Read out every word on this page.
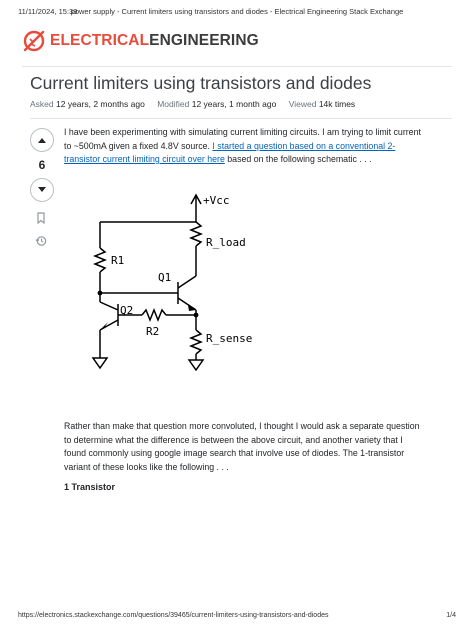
11/11/2024, 15:39
power supply - Current limiters using transistors and diodes - Electrical Engineering Stack Exchange
ELECTRICALENGINEERING
Current limiters using transistors and diodes
Asked 12 years, 2 months ago Modified 12 years, 1 month ago Viewed 14k times
6

I have been experimenting with simulating current limiting circuits. I am trying to limit current to ~500mA given a fixed 4.8V source. I started a question based on a conventional 2-transistor current limiting circuit over here based on the following schematic . . .

+Vcc
R1
R_load
Q1
Q2
R2
R_sense

Rather than make that question more convoluted, I thought I would ask a separate question to determine what the difference is between the above circuit, and another variety that I found commonly using google image search that involve use of diodes. The 1-transistor variant of these looks like the following . . .

1 Transistor
https://electronics.stackexchange.com/questions/39465/current-limiters-using-transistors-and-diodes	1/4
